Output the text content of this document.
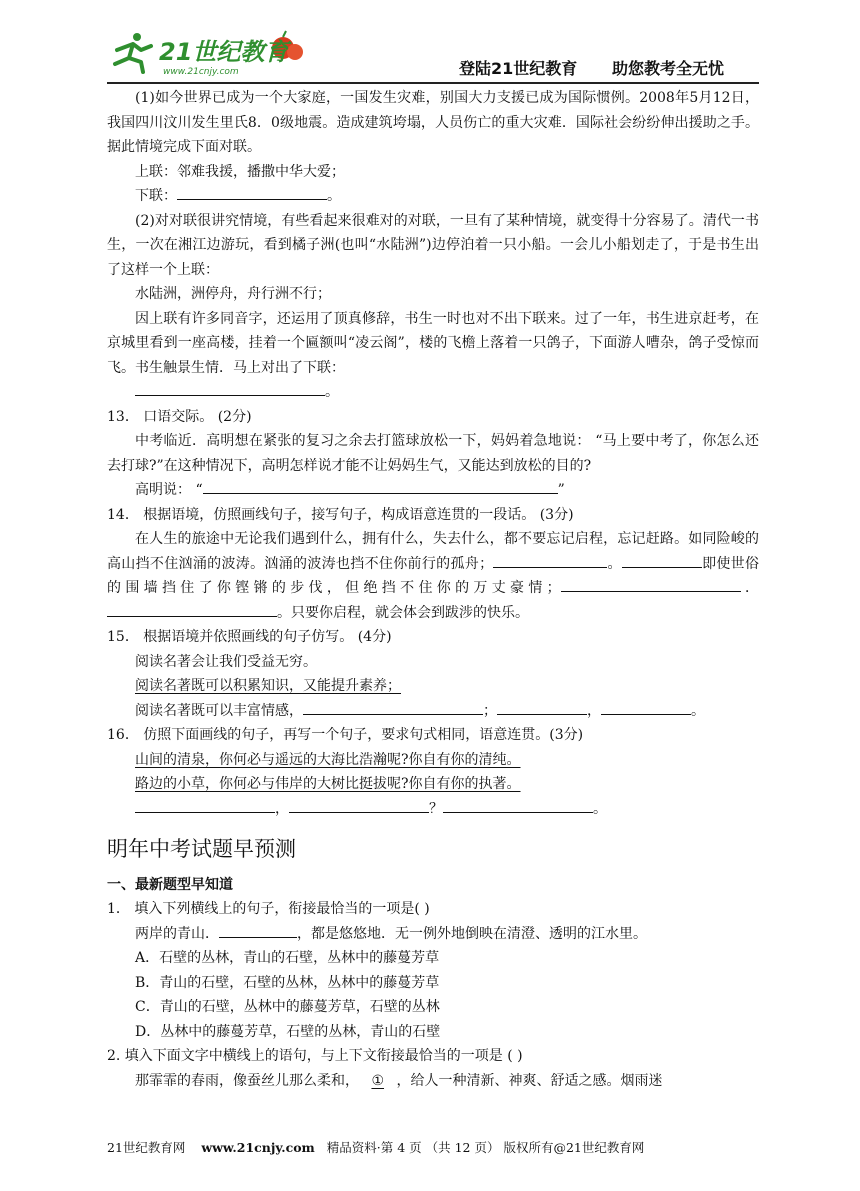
21世纪教育
www.21cnjy.com	登陆21世纪教育 助您教考全无忧

(1)如今世界已成为一个大家庭，一国发生灾难，别国大力支援已成为国际惯例。2008年5月12日，我国四川汶川发生里氏8．0级地震。造成建筑垮塌，人员伤亡的重大灾难．国际社会纷纷伸出援助之手。据此情境完成下面对联。

上联：邻难我援，播撒中华大爱；

下联：	。

(2)对对联很讲究情境，有些看起来很难对的对联，一旦有了某种情境，就变得十分容易了。清代一书生，一次在湘江边游玩，看到橘子洲(也叫“水陆洲”)边停泊着一只小船。一会儿小船划走了，于是书生出了这样一个上联：

水陆洲，洲停舟，舟行洲不行；

因上联有许多同音字，还运用了顶真修辞，书生一时也对不出下联来。过了一年，书生进京赶考，在京城里看到一座高楼，挂着一个匾额叫“凌云阁”，楼的飞檐上落着一只鸽子，下面游人嘈杂，鸽子受惊而飞。书生触景生情．马上对出了下联：

。

13． 口语交际。 (2分)

中考临近．高明想在紧张的复习之余去打篮球放松一下，妈妈着急地说： “马上要中考了，你怎么还去打球?”在这种情况下，高明怎样说才能不让妈妈生气，又能达到放松的目的?

高明说： “	”

14． 根据语境，仿照画线句子，接写句子，构成语意连贯的一段话。 (3分)

在人生的旅途中无论我们遇到什么，拥有什么，失去什么，都不要忘记启程，忘记赶路。如同险峻的高山挡不住汹涌的波涛。汹涌的波涛也挡不住你前行的孤舟；	。	即使世俗的围墙挡住了你铿锵的步伐，但绝挡不住你的万丈豪情；	．。只要你启程，就会体会到跋涉的快乐。

15． 根据语境并依照画线的句子仿写。 (4分)

阅读名著会让我们受益无穷。

阅读名著既可以积累知识，又能提升素养；

阅读名著既可以丰富情感，	；	，	。

16． 仿照下面画线的句子，再写一个句子，要求句式相同，语意连贯。(3分)

山间的清泉，你何必与遥远的大海比浩瀚呢?你自有你的清纯。

路边的小草，你何必与伟岸的大树比挺拔呢?你自有你的执著。

，	？	。

明年中考试题早预测

一、最新题型早知道

1． 填入下列横线上的句子，衔接最恰当的一项是( )

两岸的青山．	，都是悠悠地．无一例外地倒映在清澄、透明的江水里。

A．石壁的丛林，青山的石壁，丛林中的藤蔓芳草

B．青山的石壁，石壁的丛林，丛林中的藤蔓芳草

C．青山的石壁，丛林中的藤蔓芳草，石壁的丛林

D．丛林中的藤蔓芳草，石壁的丛林，青山的石壁

2. 填入下面文字中横线上的语句，与上下文衔接最恰当的一项是 ( )

那霏霏的春雨，像蚕丝儿那么柔和， ① ，给人一种清新、神爽、舒适之感。烟雨迷

21世纪教育网 www.21cnjy.com 精品资料·第 4 页 （共 12 页） 版权所有@21世纪教育网
